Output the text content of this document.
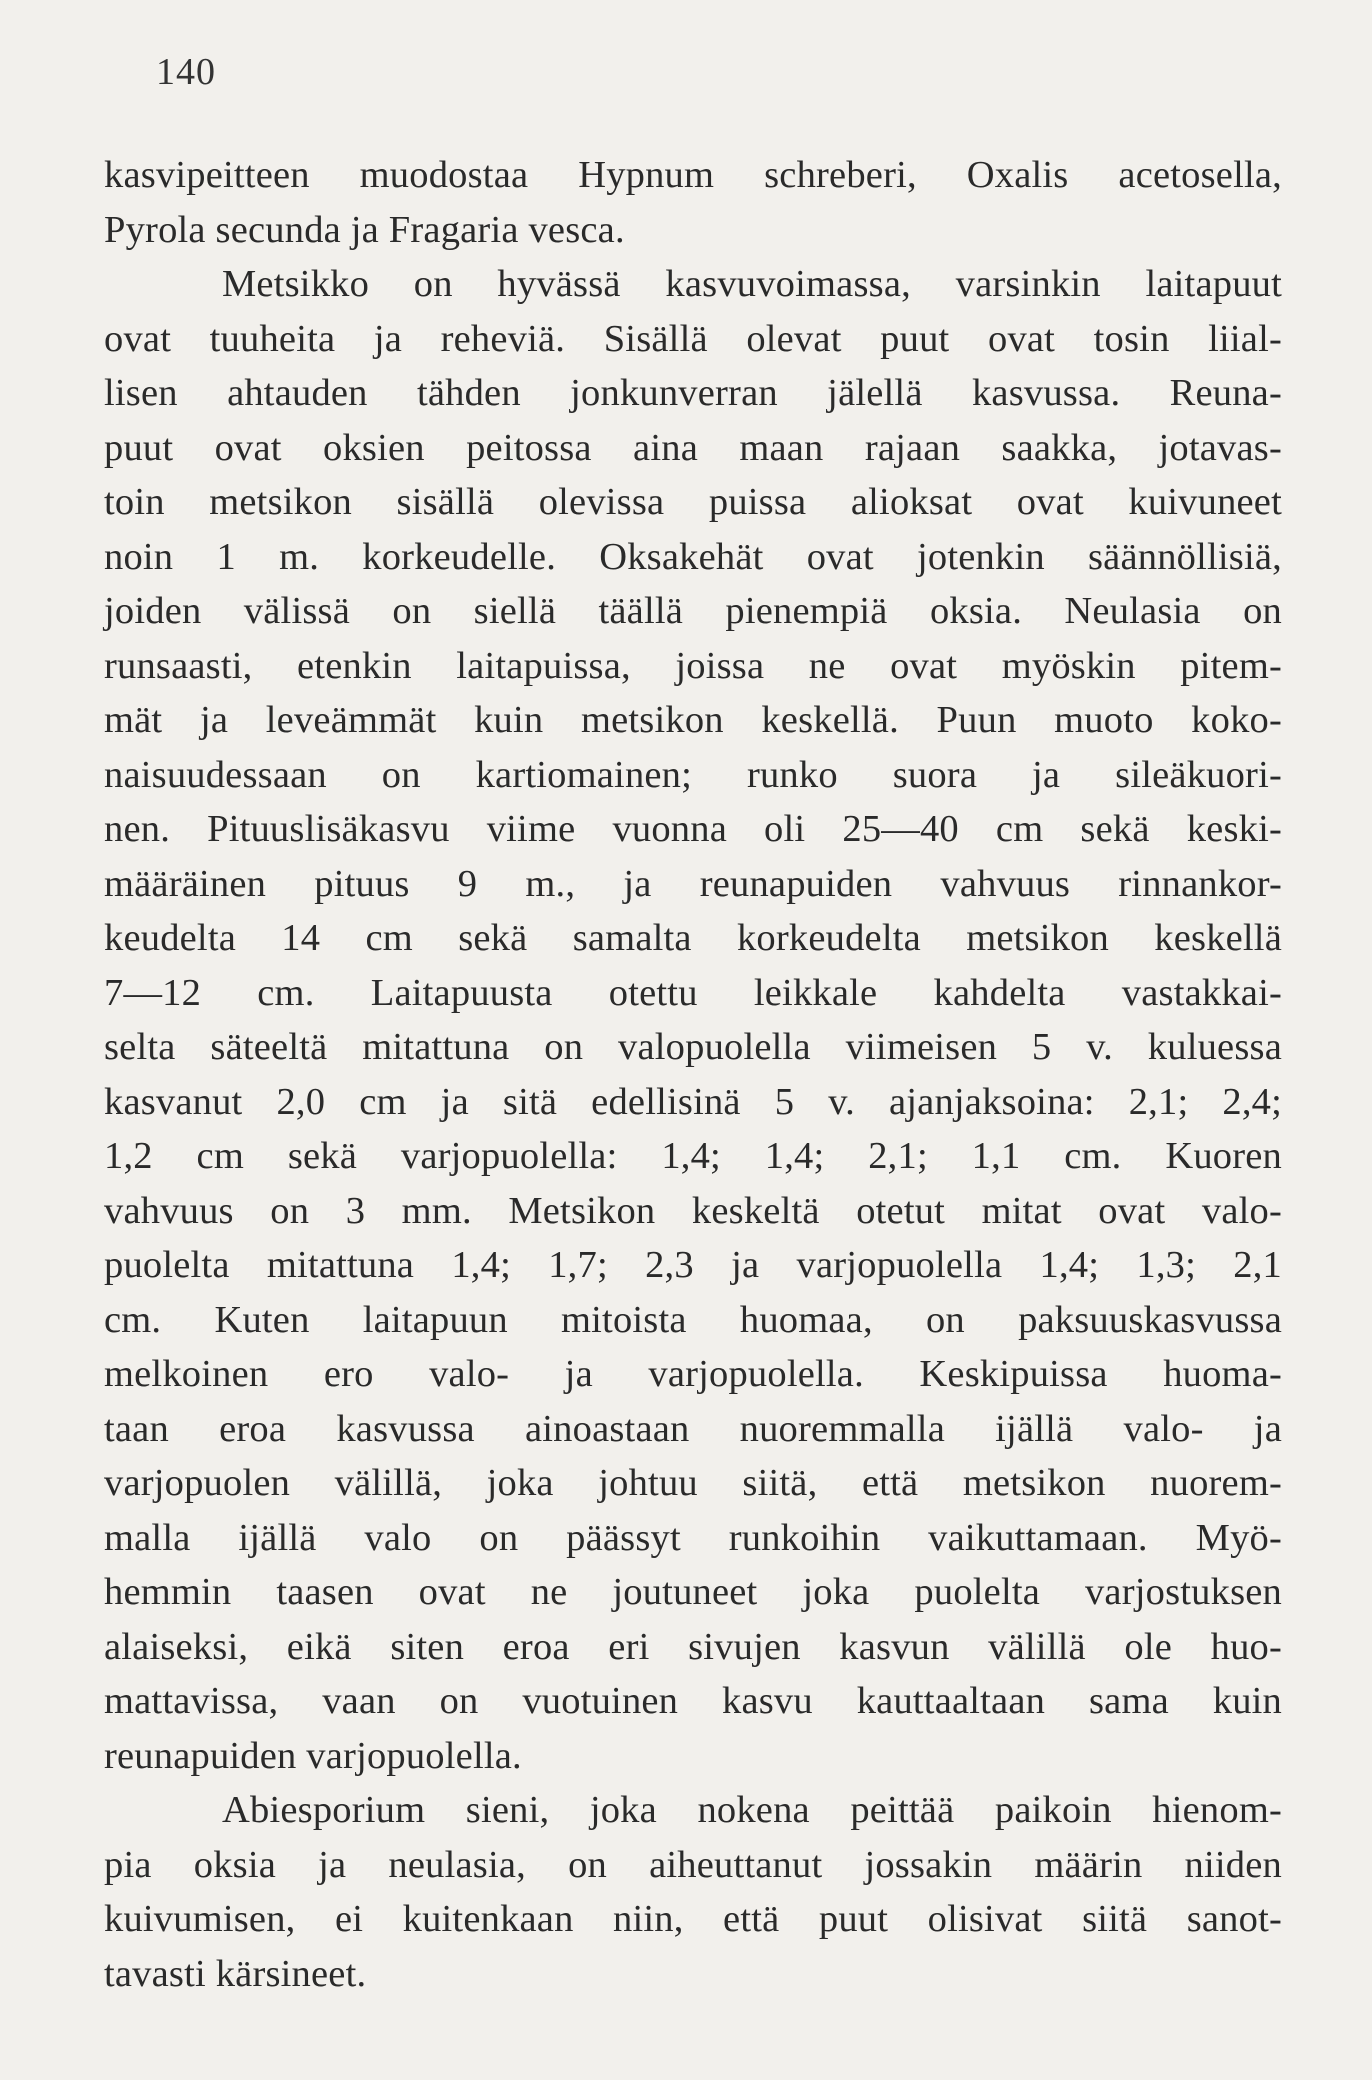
140
kasvipeitteen muodostaa Hypnum schreberi, Oxalis acetosella,
Pyrola secunda ja Fragaria vesca.
Metsikko on hyvässä kasvuvoimassa, varsinkin laitapuut
ovat tuuheita ja reheviä. Sisällä olevat puut ovat tosin liial-
lisen ahtauden tähden jonkunverran jälellä kasvussa. Reuna-
puut ovat oksien peitossa aina maan rajaan saakka, jotavas-
toin metsikon sisällä olevissa puissa alioksat ovat kuivuneet
noin 1 m. korkeudelle. Oksakehät ovat jotenkin säännöllisiä,
joiden välissä on siellä täällä pienempiä oksia. Neulasia on
runsaasti, etenkin laitapuissa, joissa ne ovat myöskin pitem-
mät ja leveämmät kuin metsikon keskellä. Puun muoto koko-
naisuudessaan on kartiomainen; runko suora ja sileäkuori-
nen. Pituuslisäkasvu viime vuonna oli 25—40 cm sekä keski-
määräinen pituus 9 m., ja reunapuiden vahvuus rinnankor-
keudelta 14 cm sekä samalta korkeudelta metsikon keskellä
7—12 cm. Laitapuusta otettu leikkale kahdelta vastakkai-
selta säteeltä mitattuna on valopuolella viimeisen 5 v. kuluessa
kasvanut 2,0 cm ja sitä edellisinä 5 v. ajanjaksoina: 2,1; 2,4;
1,2 cm sekä varjopuolella: 1,4; 1,4; 2,1; 1,1 cm. Kuoren
vahvuus on 3 mm. Metsikon keskeltä otetut mitat ovat valo-
puolelta mitattuna 1,4; 1,7; 2,3 ja varjopuolella 1,4; 1,3; 2,1
cm. Kuten laitapuun mitoista huomaa, on paksuuskasvussa
melkoinen ero valo- ja varjopuolella. Keskipuissa huoma-
taan eroa kasvussa ainoastaan nuoremmalla ijällä valo- ja
varjopuolen välillä, joka johtuu siitä, että metsikon nuorem-
malla ijällä valo on päässyt runkoihin vaikuttamaan. Myö-
hemmin taasen ovat ne joutuneet joka puolelta varjostuksen
alaiseksi, eikä siten eroa eri sivujen kasvun välillä ole huo-
mattavissa, vaan on vuotuinen kasvu kauttaaltaan sama kuin
reunapuiden varjopuolella.
Abiesporium sieni, joka nokena peittää paikoin hienom-
pia oksia ja neulasia, on aiheuttanut jossakin määrin niiden
kuivumisen, ei kuitenkaan niin, että puut olisivat siitä sanot-
tavasti kärsineet.
